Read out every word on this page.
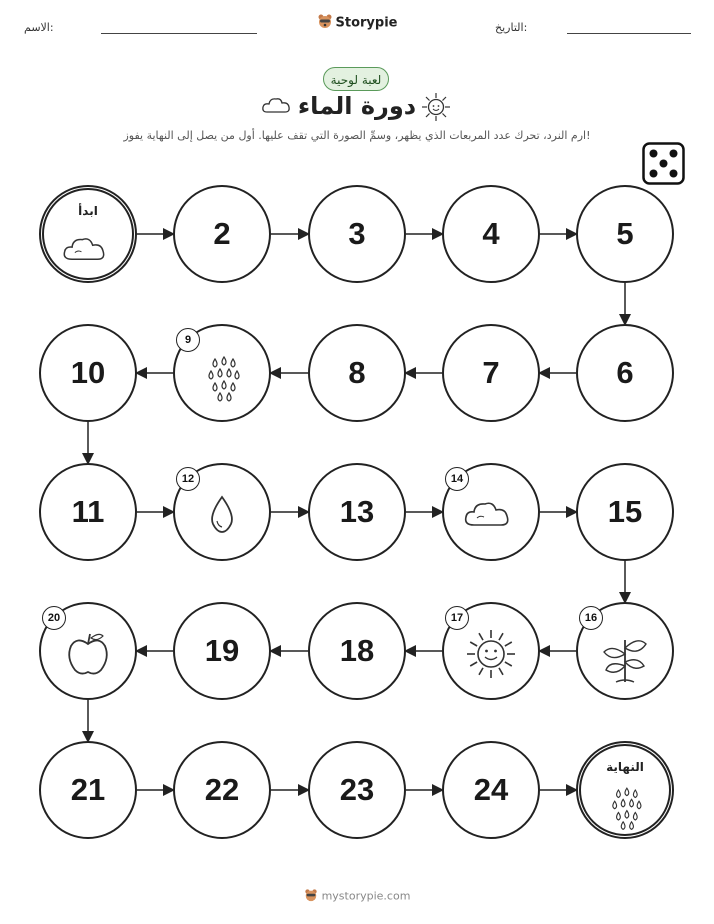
الاسم:	Storypie	التاريخ:
لعبة لوحية
دورة الماء
ارم النرد، تحرك عدد المربعات الذي يظهر، وسمِّ الصورة التي تقف عليها. أول من يصل إلى النهاية يفوز!
ابدأ
2	3	4	5
6
7
8
9
10
11
12
13
14
15
16
17
18
19
20
21	22	23	24
النهاية
mystorypie.com
